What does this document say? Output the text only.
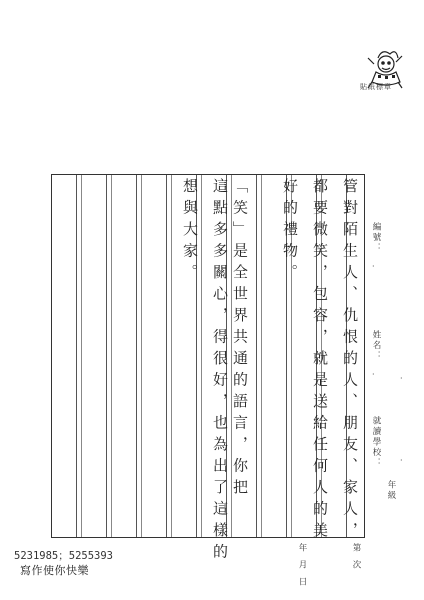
貼紙標章
管對陌生人、仇恨的人、朋友、家人，
都要微笑，包容，就是送給任何人的美
好的禮物。
「笑」是全世界共通的語言，你把
這點多多關心，得很好，也為出了這樣的
想與大家。	編號：
·
姓名：
·	·
就讀學校： ·
年級
年　月　日	第　次
5231985；5255393
寫作使你快樂
